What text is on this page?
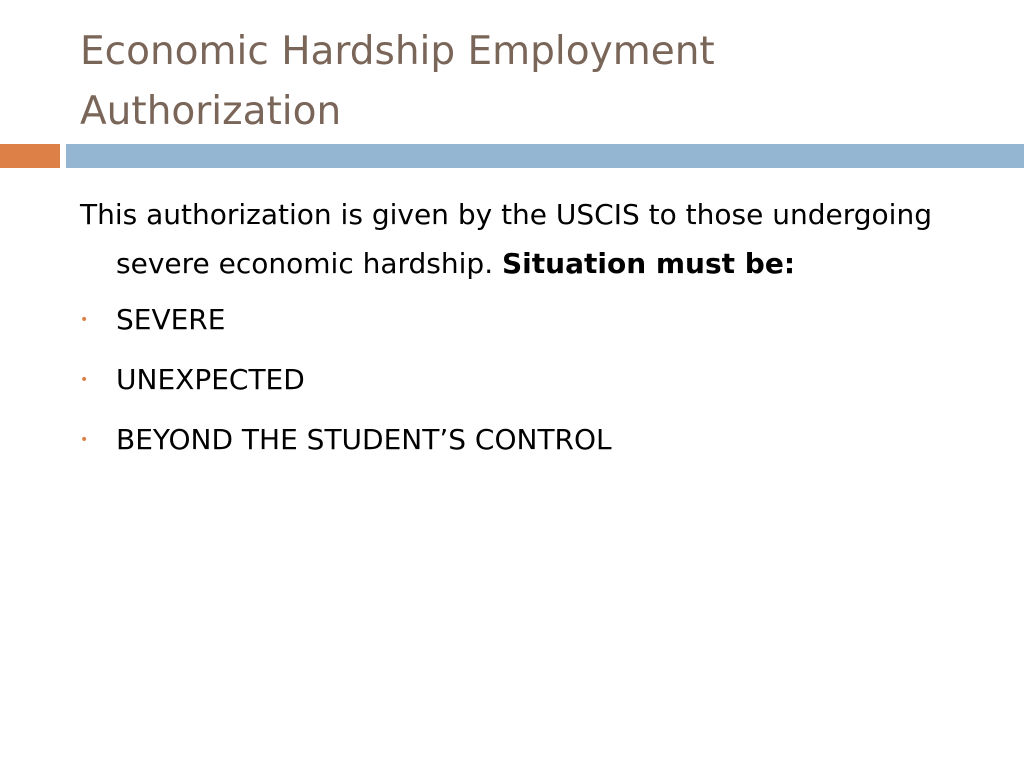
Economic Hardship Employment
Authorization

This authorization is given by the USCIS to those undergoing severe economic hardship. Situation must be:

• SEVERE
• UNEXPECTED
• BEYOND THE STUDENT’S CONTROL
